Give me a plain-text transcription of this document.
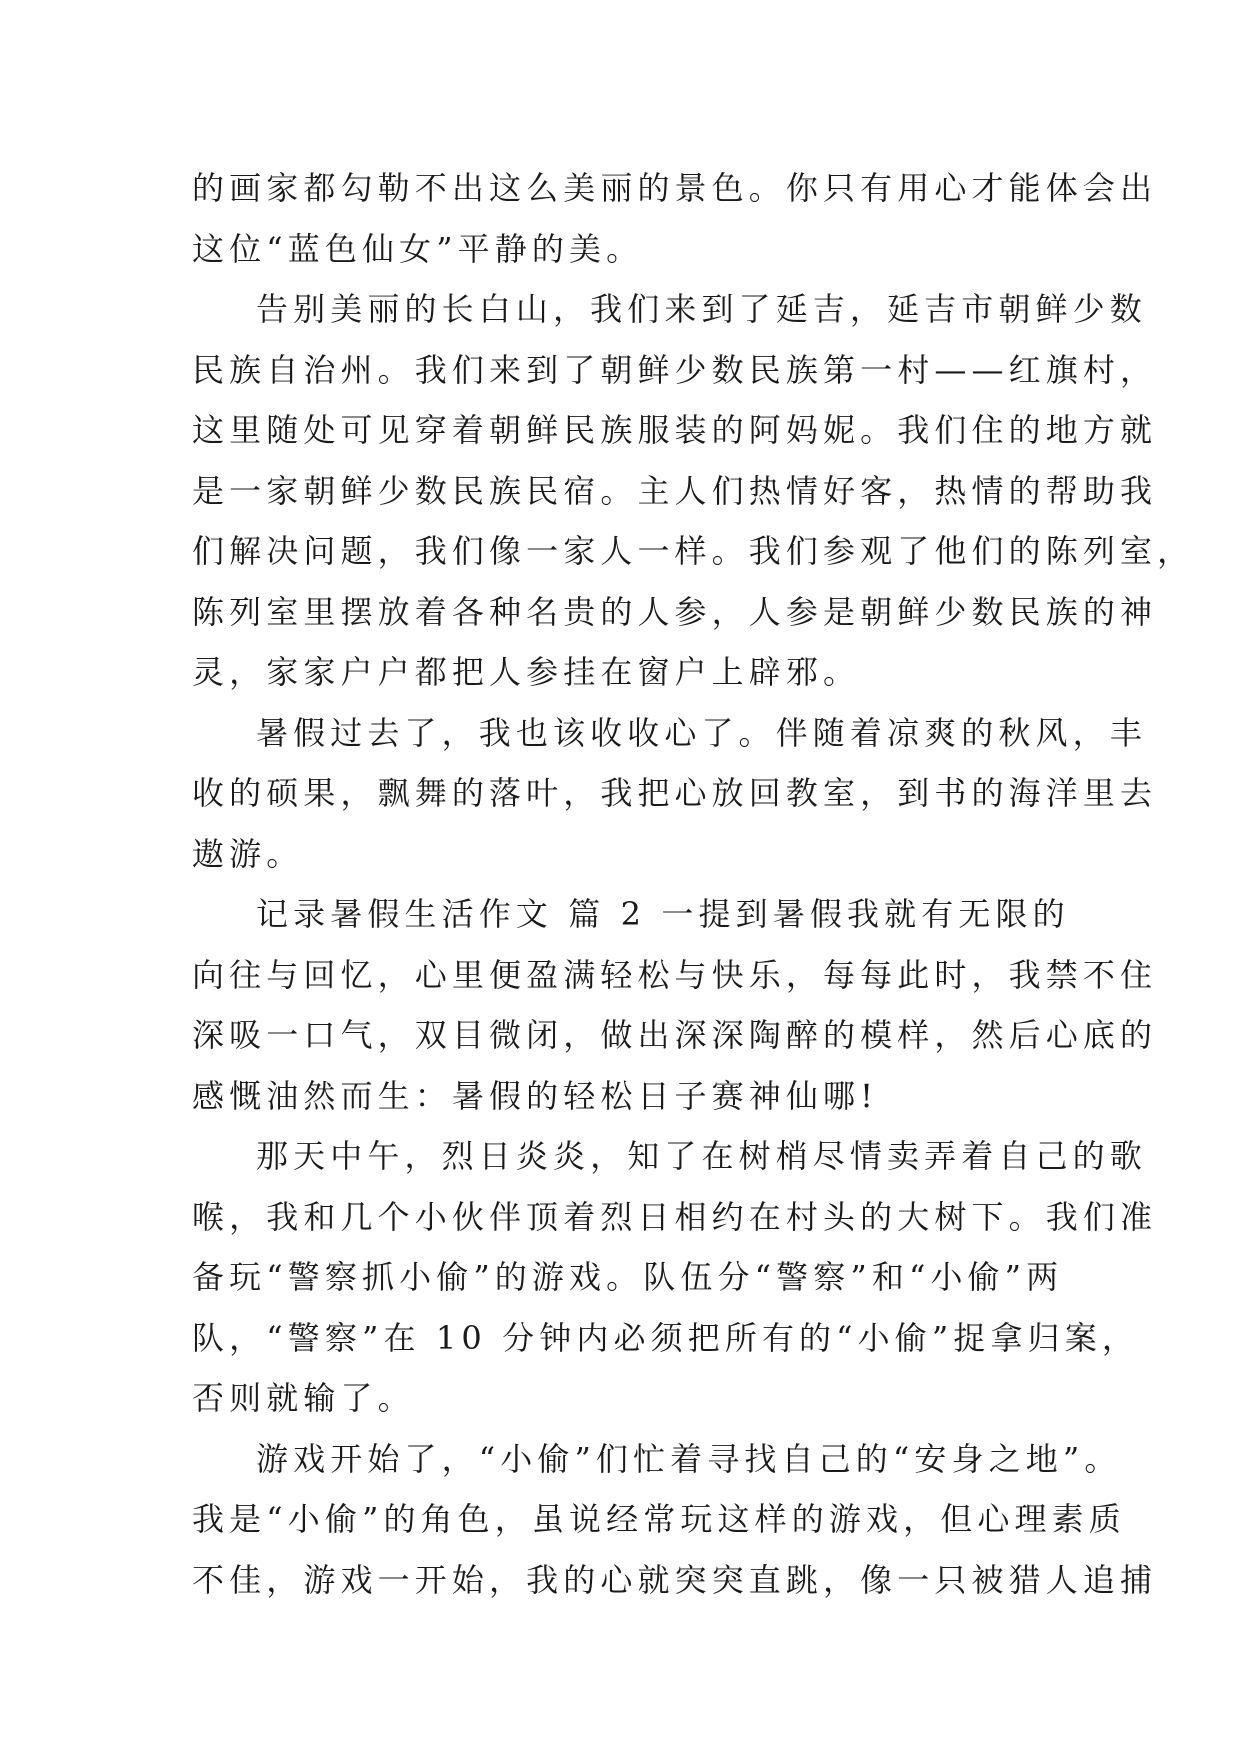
的画家都勾勒不出这么美丽的景色。你只有用心才能体会出
这位“蓝色仙女”平静的美。
告别美丽的长白山，我们来到了延吉，延吉市朝鲜少数
民族自治州。我们来到了朝鲜少数民族第一村——红旗村，
这里随处可见穿着朝鲜民族服装的阿妈妮。我们住的地方就
是一家朝鲜少数民族民宿。主人们热情好客，热情的帮助我
们解决问题，我们像一家人一样。我们参观了他们的陈列室，
陈列室里摆放着各种名贵的人参，人参是朝鲜少数民族的神
灵，家家户户都把人参挂在窗户上辟邪。
暑假过去了，我也该收收心了。伴随着凉爽的秋风，丰
收的硕果，飘舞的落叶，我把心放回教室，到书的海洋里去
遨游。
记录暑假生活作文 篇 2 一提到暑假我就有无限的
向往与回忆，心里便盈满轻松与快乐，每每此时，我禁不住
深吸一口气，双目微闭，做出深深陶醉的模样，然后心底的
感慨油然而生：暑假的轻松日子赛神仙哪!
那天中午，烈日炎炎，知了在树梢尽情卖弄着自己的歌
喉，我和几个小伙伴顶着烈日相约在村头的大树下。我们准
备玩“警察抓小偷”的游戏。队伍分“警察”和“小偷”两
队，“警察”在 10 分钟内必须把所有的“小偷”捉拿归案，
否则就输了。
游戏开始了，“小偷”们忙着寻找自己的“安身之地”。
我是“小偷”的角色，虽说经常玩这样的游戏，但心理素质
不佳，游戏一开始，我的心就突突直跳，像一只被猎人追捕
